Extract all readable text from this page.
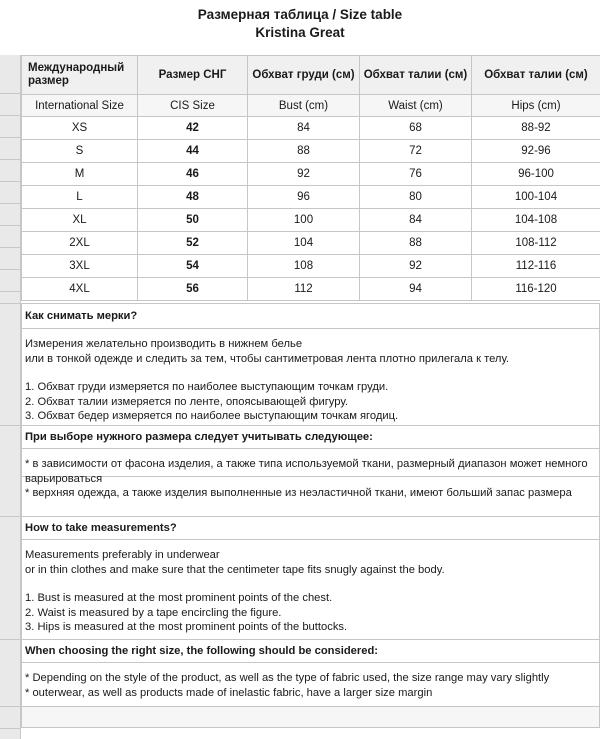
Размерная таблица / Size table
Kristina Great
Международный размер	Размер СНГ	Обхват груди (см)	Обхват талии (см)	Обхват талии (см)
International Size	CIS Size	Bust (cm)	Waist (cm)	Hips (cm)
XS	42	84	68	88-92
S	44	88	72	92-96
M	46	92	76	96-100
L	48	96	80	100-104
XL	50	100	84	104-108
2XL	52	104	88	108-112
3XL	54	108	92	112-116
4XL	56	112	94	116-120
Как снимать мерки?

Измерения желательно производить в нижнем белье

или в тонкой одежде и следить за тем, чтобы сантиметровая лента плотно прилегала к телу.

1. Обхват груди измеряется по наиболее выступающим точкам груди.

2. Обхват талии измеряется по ленте, опоясывающей фигуру.

3. Обхват бедер измеряется по наиболее выступающим точкам ягодиц.

При выборе нужного размера следует учитывать следующее:

* в зависимости от фасона изделия, а также типа используемой ткани, размерный диапазон может немного варьироваться

* верхняя одежда, а также изделия выполненные из неэластичной ткани, имеют больший запас размера

How to take measurements?

Measurements preferably in underwear

or in thin clothes and make sure that the centimeter tape fits snugly against the body.

1. Bust is measured at the most prominent points of the chest.

2. Waist is measured by a tape encircling the figure.

3. Hips is measured at the most prominent points of the buttocks.

When choosing the right size, the following should be considered:

* Depending on the style of the product, as well as the type of fabric used, the size range may vary slightly

* outerwear, as well as products made of inelastic fabric, have a larger size margin
